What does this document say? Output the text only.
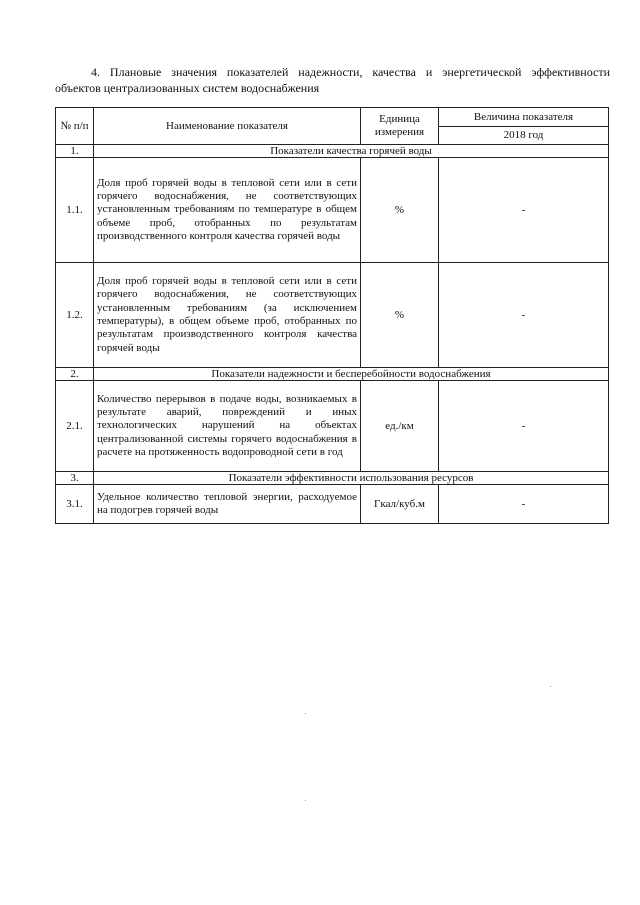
4. Плановые значения показателей надежности, качества и энергетической эффективности
объектов централизованных систем водоснабжения
№ п/п	Наименование показателя	Единица измерения	Величина показателя
			2018 год
1.	Показатели качества горячей воды		
1.1.	Доля проб горячей воды в тепловой сети или в сети горячего водоснабжения, не соответствующих установленным требованиям по температуре в общем объеме проб, отобранных по результатам производственного контроля качества горячей воды	%	-
1.2.	Доля проб горячей воды в тепловой сети или в сети горячего водоснабжения, не соответствующих установленным требованиям (за исключением температуры), в общем объеме проб, отобранных по результатам производственного контроля качества горячей воды	%	-
2.	Показатели надежности и бесперебойности водоснабжения		
2.1.	Количество перерывов в подаче воды, возникаемых в результате аварий, повреждений и иных технологических нарушений на объектах централизованной системы горячего водоснабжения в расчете на протяженность водопроводной сети в год	ед./км	-
3.	Показатели эффективности использования ресурсов		
3.1.	Удельное количество тепловой энергии, расходуемое на подогрев горячей воды	Гкал/куб.м	-
